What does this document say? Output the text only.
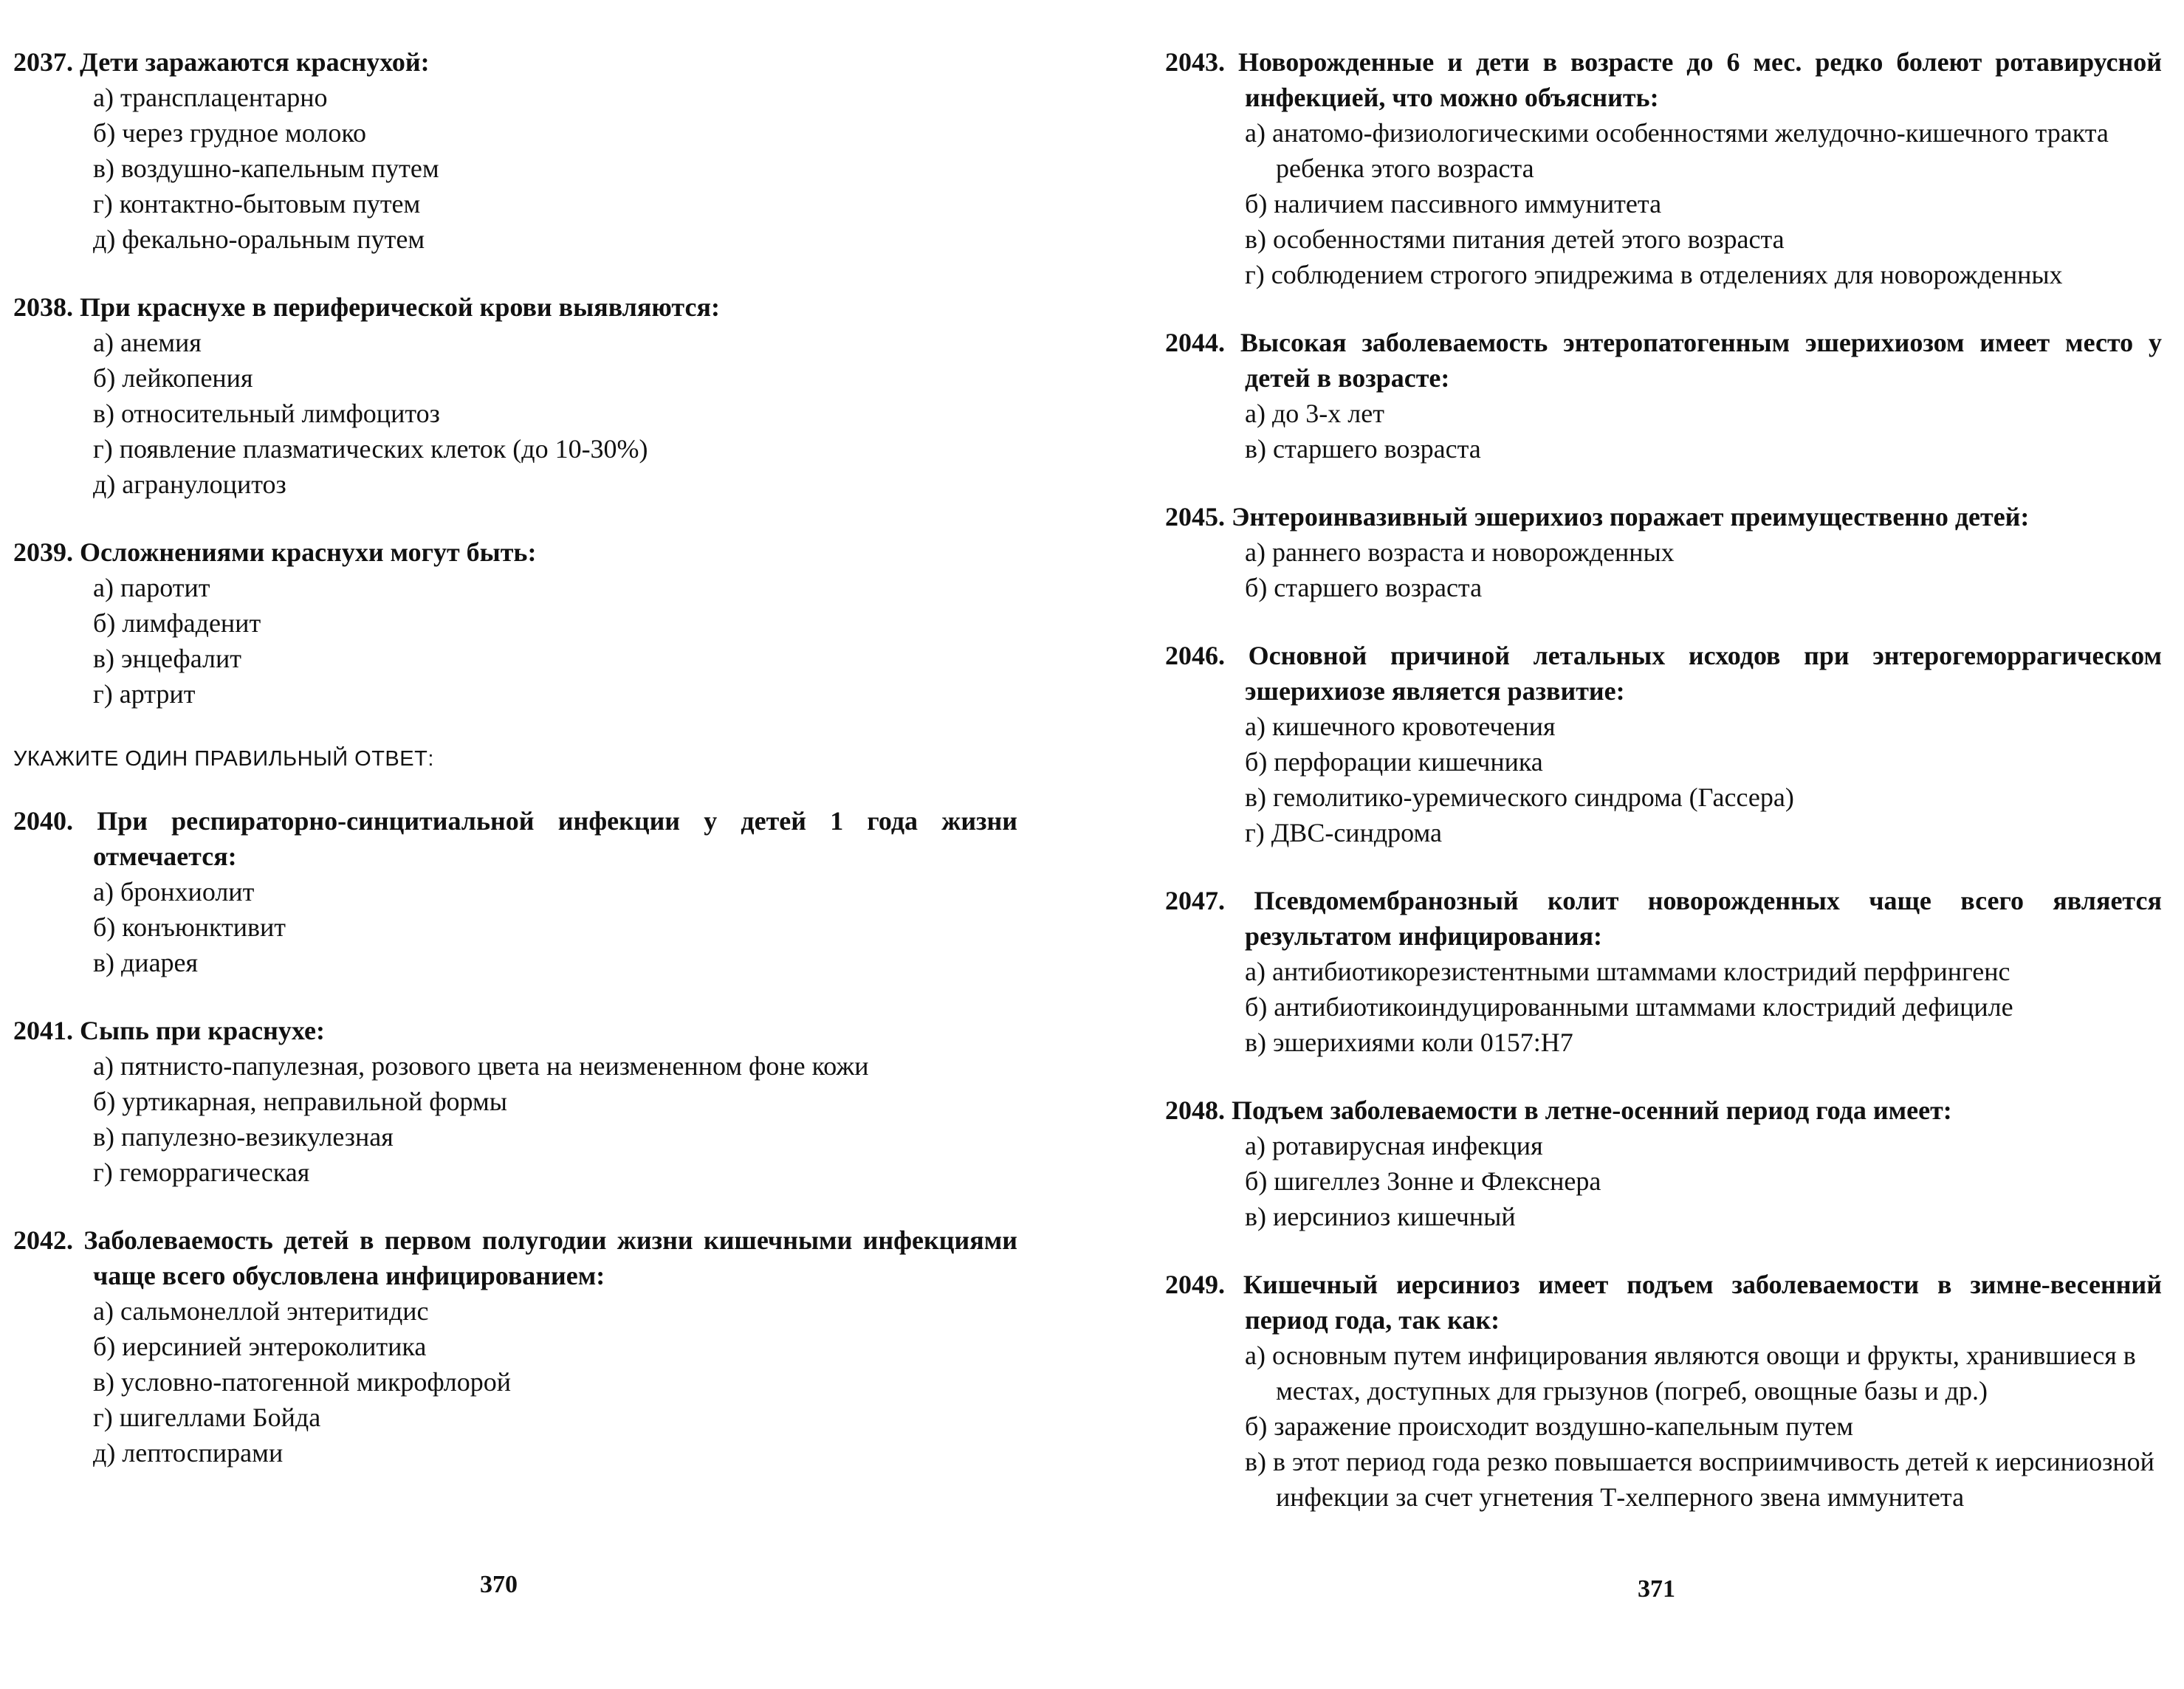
2037. Дети заражаются краснухой:

а) трансплацентарно
б) через грудное молоко
в) воздушно-капельным путем
г) контактно-бытовым путем
д) фекально-оральным путем

2038. При краснухе в периферической крови выявляются:

а) анемия
б) лейкопения
в) относительный лимфоцитоз
г) появление плазматических клеток (до 10-30%)
д) агранулоцитоз

2039. Осложнениями краснухи могут быть:

а) паротит
б) лимфаденит
в) энцефалит
г) артрит
УКАЖИТЕ ОДИН ПРАВИЛЬНЫЙ ОТВЕТ:

2040. При респираторно-синцитиальной инфекции у детей 1 года жизни отмечается:

а) бронхиолит
б) конъюнктивит
в) диарея

2041. Сыпь при краснухе:

а) пятнисто-папулезная, розового цвета на неизмененном фоне кожи
б) уртикарная, неправильной формы
в) папулезно-везикулезная
г) геморрагическая

2042. Заболеваемость детей в первом полугодии жизни кишечными инфекциями чаще всего обусловлена инфицированием:

а) сальмонеллой энтеритидис
б) иерсинией энтероколитика
в) условно-патогенной микрофлорой
г) шигеллами Бойда
д) лептоспирами
370

2043. Новорожденные и дети в возрасте до 6 мес. редко болеют ротавирусной инфекцией, что можно объяснить:

а) анатомо-физиологическими особенностями желудочно-кишечного тракта ребенка этого возраста
б) наличием пассивного иммунитета
в) особенностями питания детей этого возраста
г) соблюдением строгого эпидрежима в отделениях для новорожденных

2044. Высокая заболеваемость энтеропатогенным эшерихиозом имеет место у детей в возрасте:

а) до 3-х лет
в) старшего возраста

2045. Энтероинвазивный эшерихиоз поражает преимущественно детей:

а) раннего возраста и новорожденных
б) старшего возраста

2046. Основной причиной летальных исходов при энтерогеморрагическом эшерихиозе является развитие:

а) кишечного кровотечения
б) перфорации кишечника
в) гемолитико-уремического синдрома (Гассера)
г) ДВС-синдрома

2047. Псевдомембранозный колит новорожденных чаще всего является результатом инфицирования:

а) антибиотикорезистентными штаммами клостридий перфрингенс
б) антибиотикоиндуцированными штаммами клостридий дефициле
в) эшерихиями коли 0157:Н7

2048. Подъем заболеваемости в летне-осенний период года имеет:

а) ротавирусная инфекция
б) шигеллез Зонне и Флекснера
в) иерсиниоз кишечный

2049. Кишечный иерсиниоз имеет подъем заболеваемости в зимне-весенний период года, так как:

а) основным путем инфицирования являются овощи и фрукты, хранившиеся в местах, доступных для грызунов (погреб, овощные базы и др.)
б) заражение происходит воздушно-капельным путем
в) в этот период года резко повышается восприимчивость детей к иерсиниозной инфекции за счет угнетения Т-хелперного звена иммунитета
371
